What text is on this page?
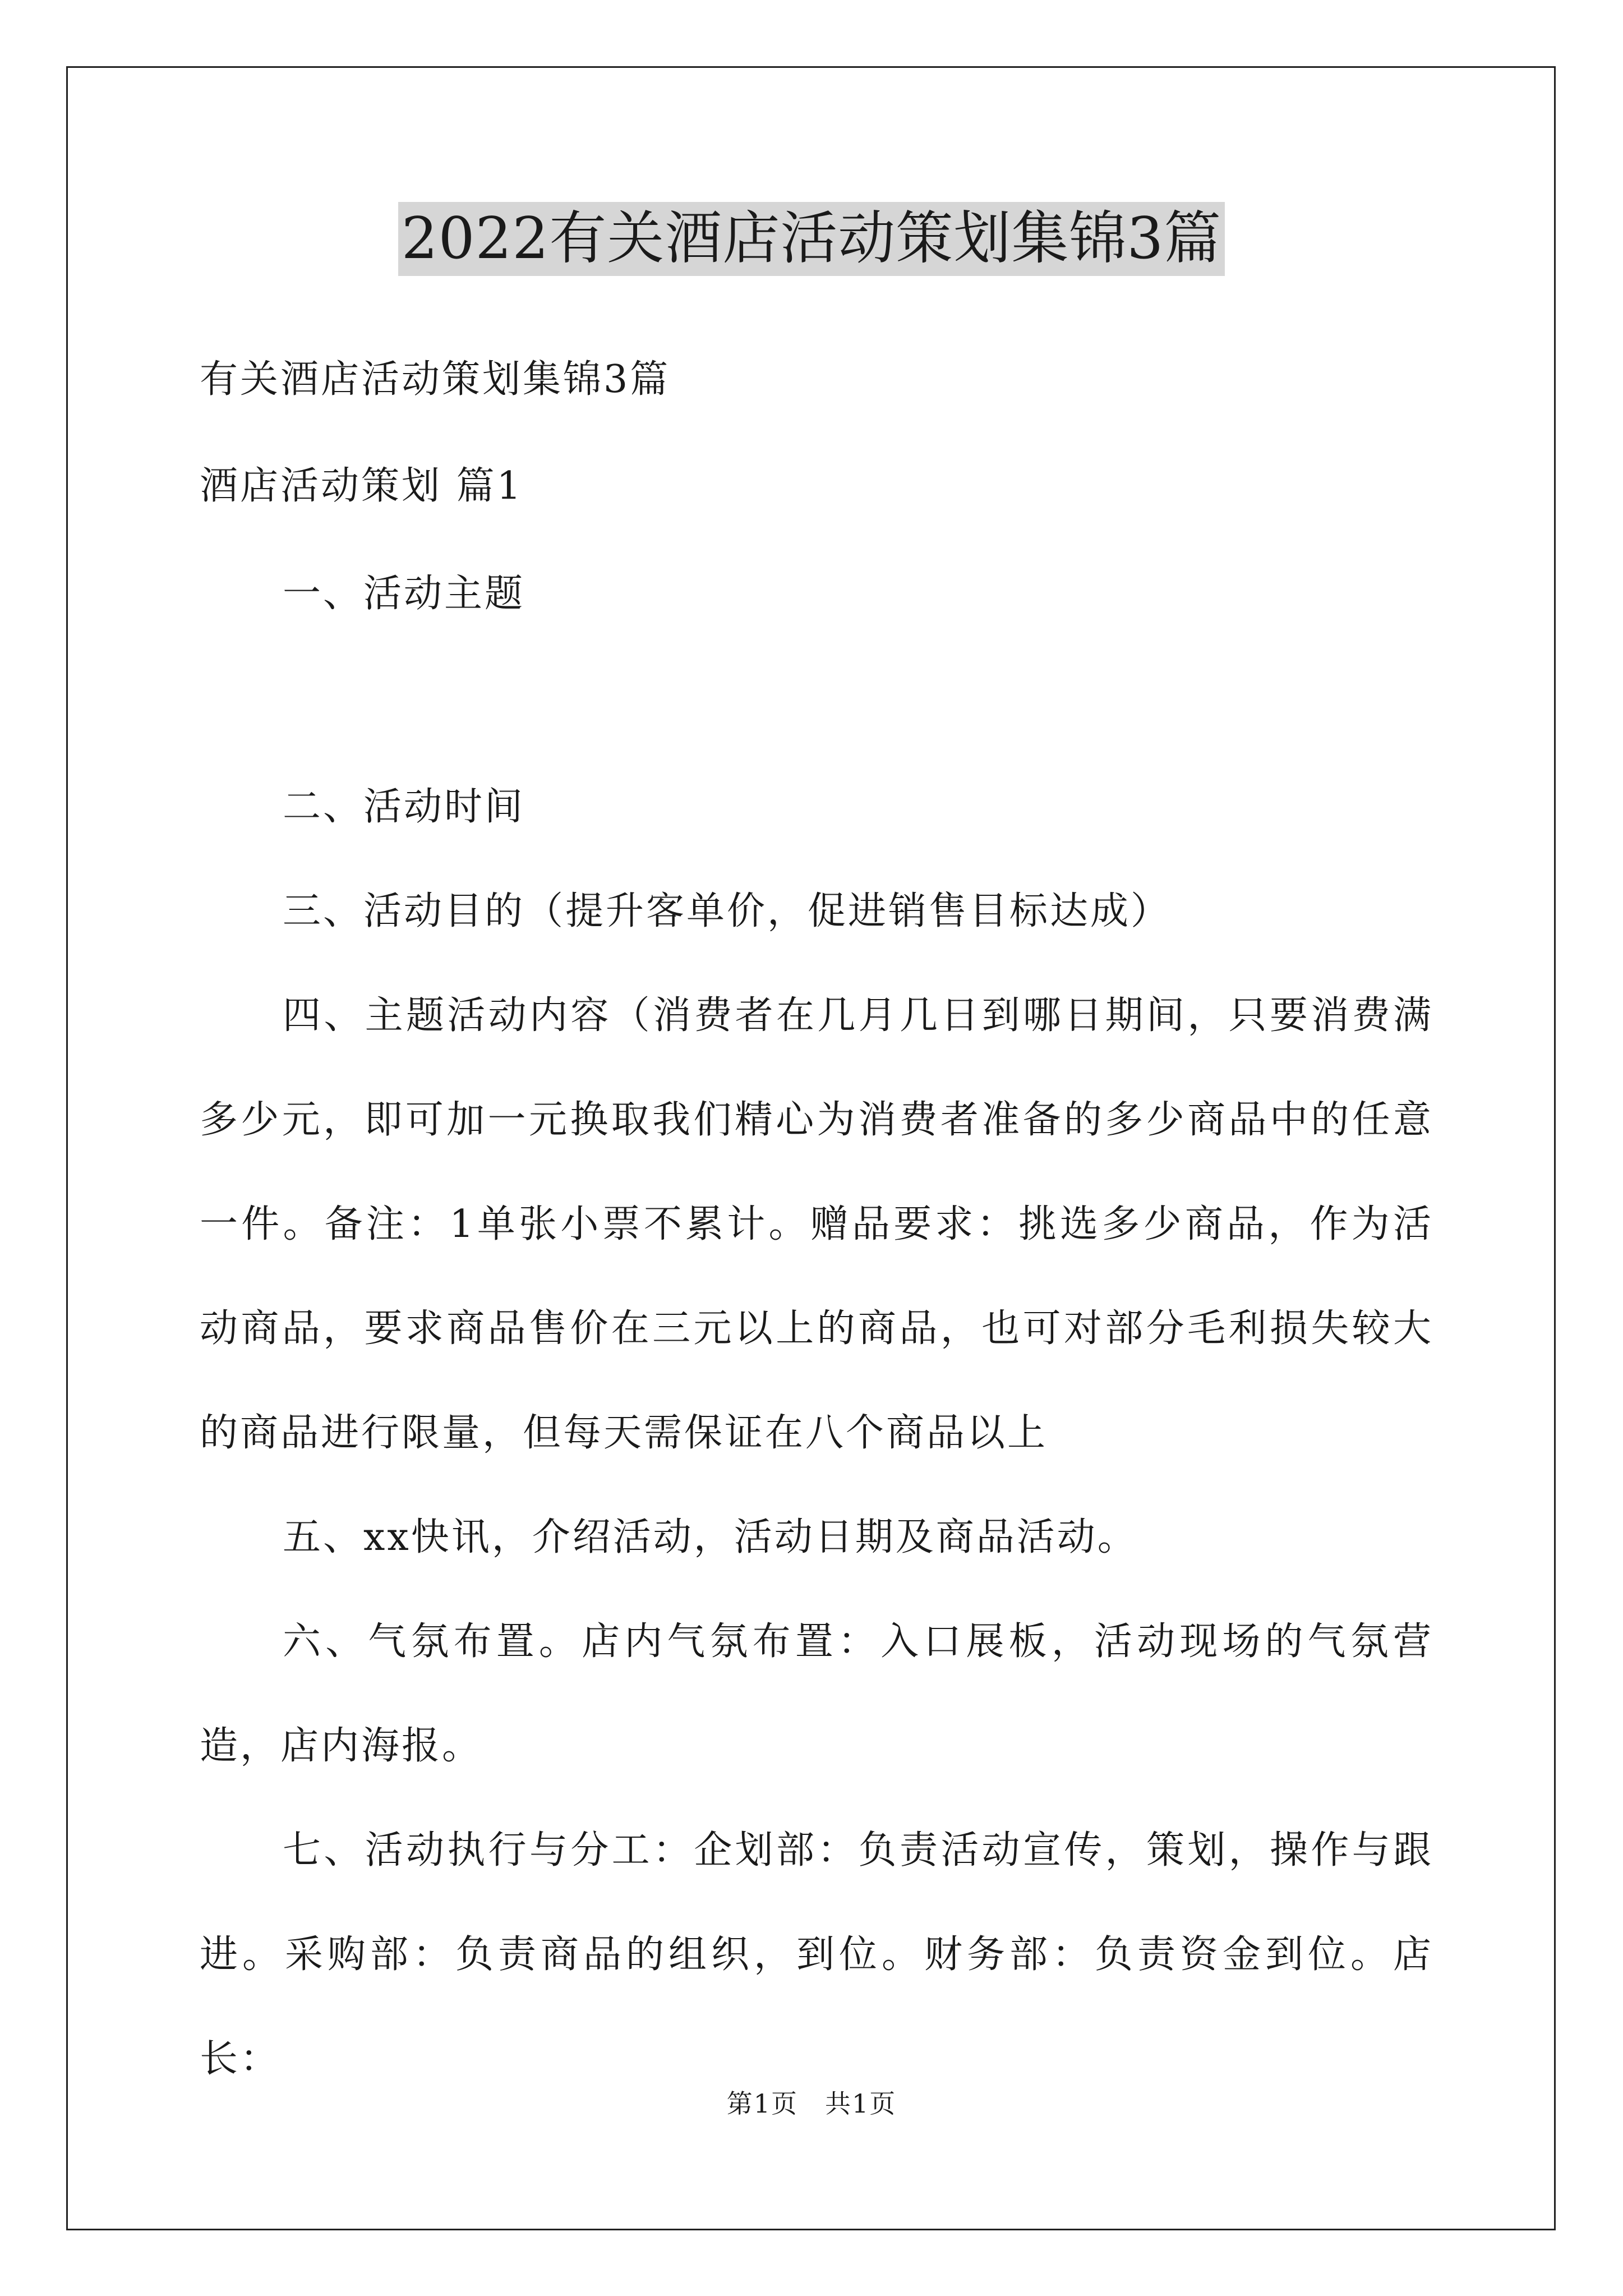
2022有关酒店活动策划集锦3篇
有关酒店活动策划集锦3篇
酒店活动策划 篇1
一、活动主题
二、活动时间
三、活动目的（提升客单价，促进销售目标达成）
四、主题活动内容（消费者在几月几日到哪日期间，只要消费满多少元，即可加一元换取我们精心为消费者准备的多少商品中的任意一件。备注：1单张小票不累计。赠品要求：挑选多少商品，作为活动商品，要求商品售价在三元以上的商品，也可对部分毛利损失较大的商品进行限量，但每天需保证在八个商品以上
五、xx快讯，介绍活动，活动日期及商品活动。
六、气氛布置。店内气氛布置：入口展板，活动现场的气氛营造，店内海报。
七、活动执行与分工：企划部：负责活动宣传，策划，操作与跟进。采购部：负责商品的组织，到位。财务部：负责资金到位。店长：
第1页　共1页
